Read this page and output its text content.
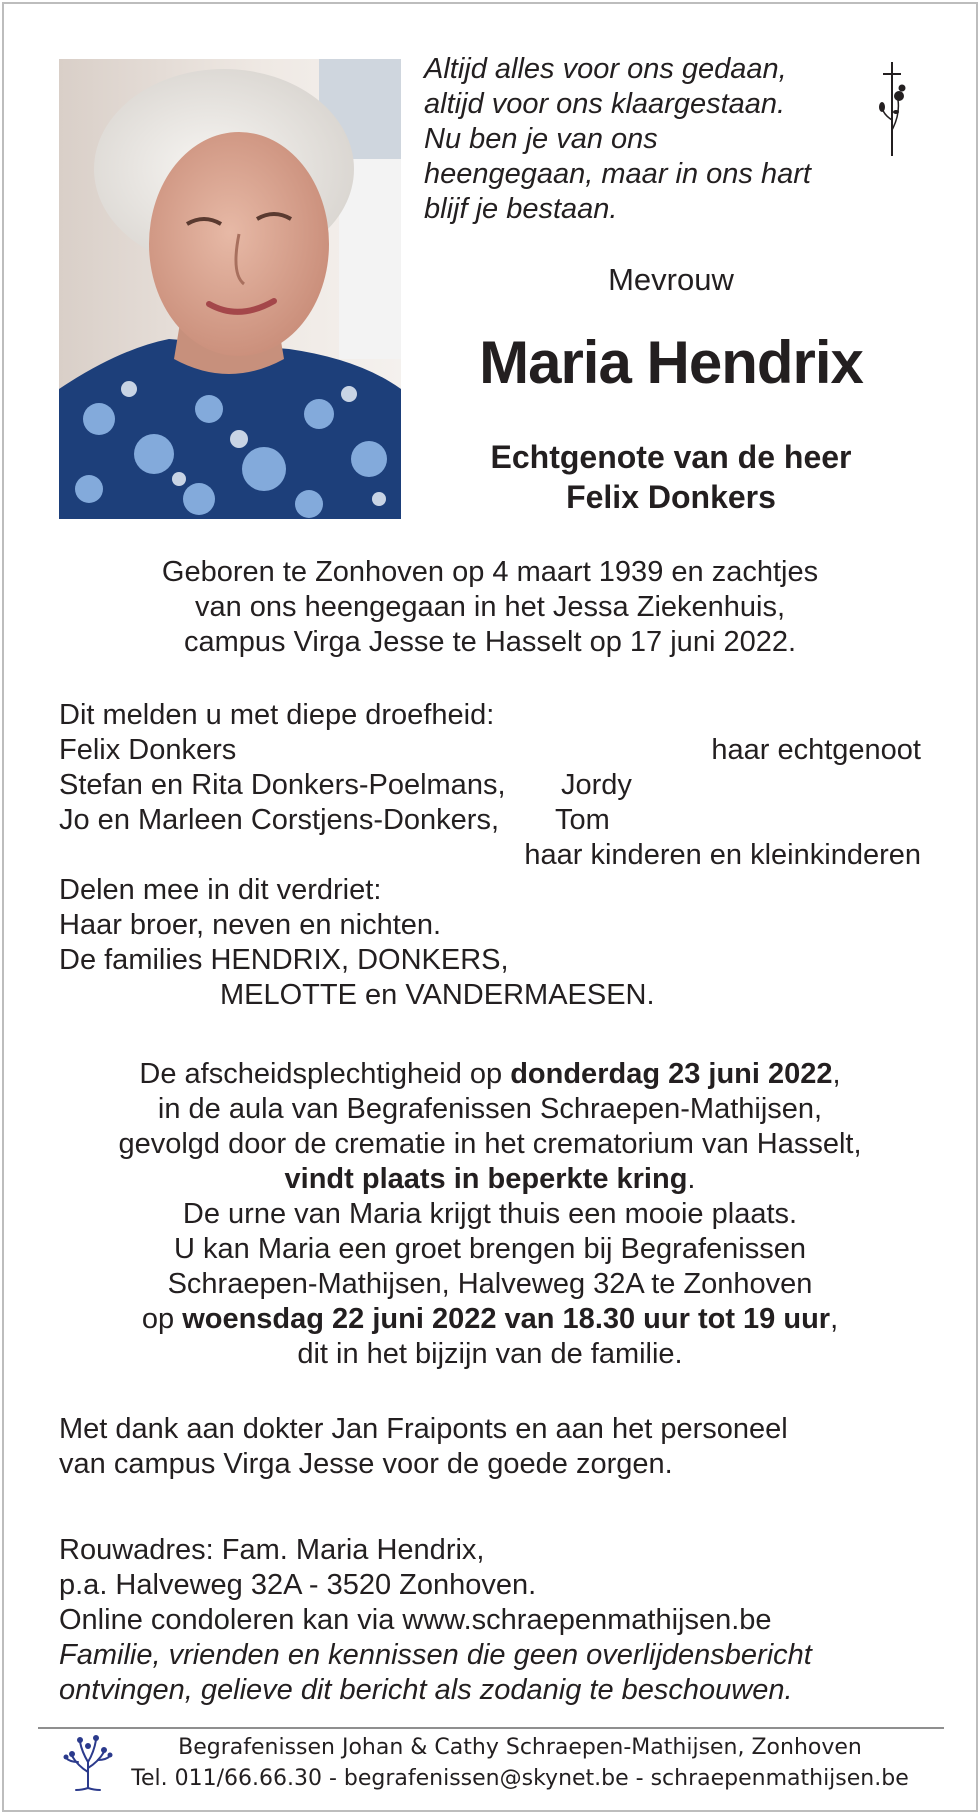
Altijd alles voor ons gedaan,
altijd voor ons klaargestaan.
Nu ben je van ons
heengegaan, maar in ons hart
blijf je bestaan.
Mevrouw
Maria Hendrix
Echtgenote van de heer
Felix Donkers
Geboren te Zonhoven op 4 maart 1939 en zachtjes
van ons heengegaan in het Jessa Ziekenhuis,
campus Virga Jesse te Hasselt op 17 juni 2022.
Dit melden u met diepe droefheid:
Felix Donkers	haar echtgenoot
Stefan en Rita Donkers-Poelmans, Jordy
Jo en Marleen Corstjens-Donkers, Tom
haar kinderen en kleinkinderen
Delen mee in dit verdriet:
Haar broer, neven en nichten.
De families HENDRIX, DONKERS,
MELOTTE en VANDERMAESEN.
De afscheidsplechtigheid op donderdag 23 juni 2022,
in de aula van Begrafenissen Schraepen-Mathijsen,
gevolgd door de crematie in het crematorium van Hasselt,
vindt plaats in beperkte kring.
De urne van Maria krijgt thuis een mooie plaats.
U kan Maria een groet brengen bij Begrafenissen
Schraepen-Mathijsen, Halveweg 32A te Zonhoven
op woensdag 22 juni 2022 van 18.30 uur tot 19 uur,
dit in het bijzijn van de familie.
Met dank aan dokter Jan Fraiponts en aan het personeel
van campus Virga Jesse voor de goede zorgen.
Rouwadres: Fam. Maria Hendrix,
p.a. Halveweg 32A - 3520 Zonhoven.
Online condoleren kan via www.schraepenmathijsen.be
Familie, vrienden en kennissen die geen overlijdensbericht
ontvingen, gelieve dit bericht als zodanig te beschouwen.
Begrafenissen Johan & Cathy Schraepen-Mathijsen, Zonhoven
Tel. 011/66.66.30 - begrafenissen@skynet.be - schraepenmathijsen.be
